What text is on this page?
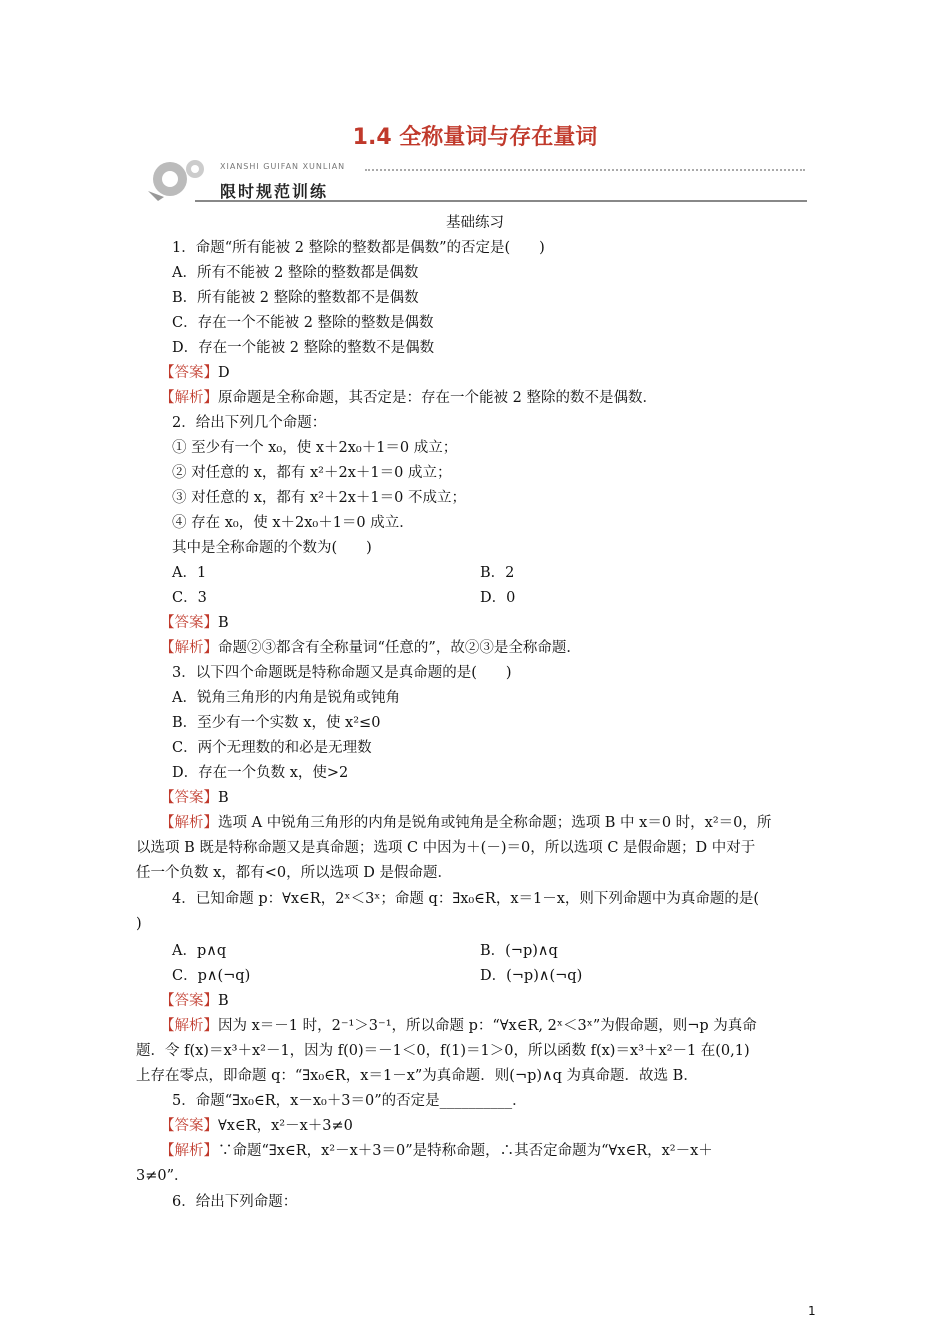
1.4 全称量词与存在量词
XIANSHI GUIFAN XUNLIAN
限时规范训练
基础练习
1．命题“所有能被 2 整除的整数都是偶数”的否定是(　　)
A．所有不能被 2 整除的整数都是偶数
B．所有能被 2 整除的整数都不是偶数
C．存在一个不能被 2 整除的整数是偶数
D．存在一个能被 2 整除的整数不是偶数
【答案】D
【解析】原命题是全称命题，其否定是：存在一个能被 2 整除的数不是偶数．
2．给出下列几个命题：
① 至少有一个 x₀，使 x＋2x₀＋1＝0 成立；
② 对任意的 x，都有 x²＋2x＋1＝0 成立；
③ 对任意的 x，都有 x²＋2x＋1＝0 不成立；
④ 存在 x₀，使 x＋2x₀＋1＝0 成立．
其中是全称命题的个数为(　　)
A．1	B．2
C．3	D．0
【答案】B
【解析】命题②③都含有全称量词“任意的”，故②③是全称命题．
3．以下四个命题既是特称命题又是真命题的是(　　)
A．锐角三角形的内角是锐角或钝角
B．至少有一个实数 x，使 x²≤0
C．两个无理数的和必是无理数
D．存在一个负数 x，使>2
【答案】B
【解析】选项 A 中锐角三角形的内角是锐角或钝角是全称命题；选项 B 中 x＝0 时，x²＝0，所
以选项 B 既是特称命题又是真命题；选项 C 中因为＋(－)＝0，所以选项 C 是假命题；D 中对于
任一个负数 x，都有<0，所以选项 D 是假命题．
4．已知命题 p：∀x∈R，2ˣ＜3ˣ；命题 q：∃x₀∈R，x＝1－x，则下列命题中为真命题的是(
)
A．p∧q	B．(¬p)∧q
C．p∧(¬q)	D．(¬p)∧(¬q)
【答案】B
【解析】因为 x＝－1 时，2⁻¹＞3⁻¹，所以命题 p：“∀x∈R, 2ˣ＜3ˣ”为假命题，则¬p 为真命
题．令 f(x)＝x³＋x²－1，因为 f(0)＝－1＜0，f(1)＝1＞0，所以函数 f(x)＝x³＋x²－1 在(0,1)
上存在零点，即命题 q：“∃x₀∈R，x＝1－x”为真命题．则(¬p)∧q 为真命题．故选 B．
5．命题“∃x₀∈R，x－x₀＋3＝0”的否定是__________．
【答案】∀x∈R，x²－x＋3≠0
【解析】∵命题“∃x∈R，x²－x＋3＝0”是特称命题，∴其否定命题为“∀x∈R，x²－x＋
3≠0”．
6．给出下列命题：
1
